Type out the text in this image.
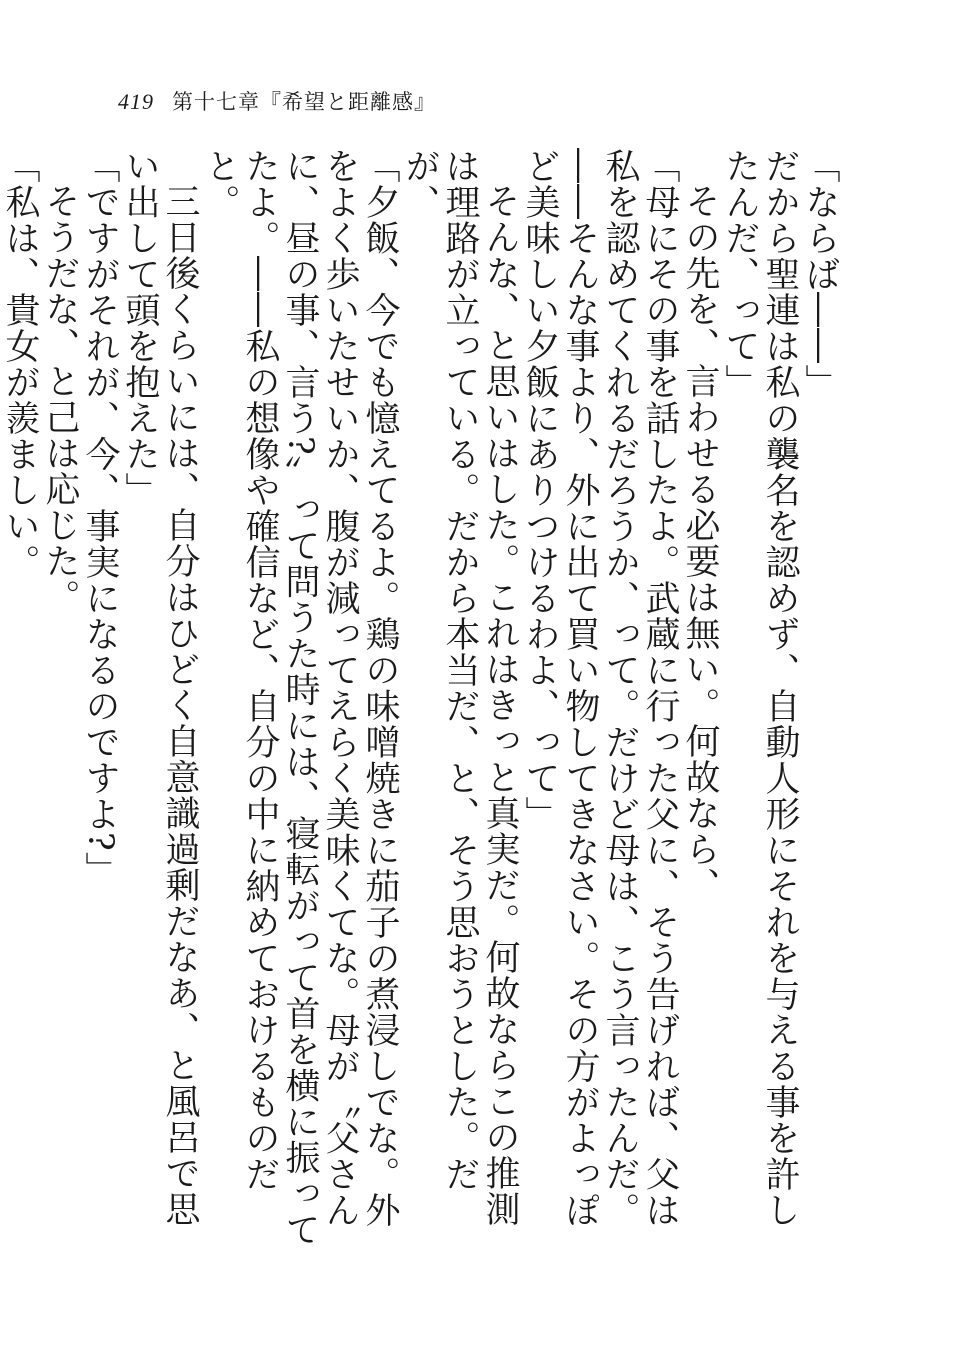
419 第十七章『希望と距離感』

「ならば――」

だから聖連は私の襲名を認めず、自動人形にそれを与える事を許したんだ、って」

その先を、言わせる必要は無い。何故なら、

「母にその事を話したよ。武蔵に行った父に、そう告げれば、父は私を認めてくれるだろうか、って。だけど母は、こう言ったんだ。――そんな事より、外に出て買い物してきなさい。その方がよっぽど美味しい夕飯にありつけるわよ、って」

そんな、と思いはした。これはきっと真実だ。何故ならこの推測は理路が立っている。だから本当だ、と、そう思おうとした。だが、

「夕飯、今でも憶えてるよ。鶏の味噌焼きに茄子の煮浸しでな。外をよく歩いたせいか、腹が減ってえらく美味くてな。母が〝父さんに、昼の事、言う?〟って問うた時には、寝転がって首を横に振ってたよ。――私の想像や確信など、自分の中に納めておけるものだと。

三日後くらいには、自分はひどく自意識過剰だなあ、と風呂で思い出して頭を抱えた」

「ですがそれが、今、事実になるのですよ?」

そうだな、と己は応じた。

「私は、貴女が羨ましい。
